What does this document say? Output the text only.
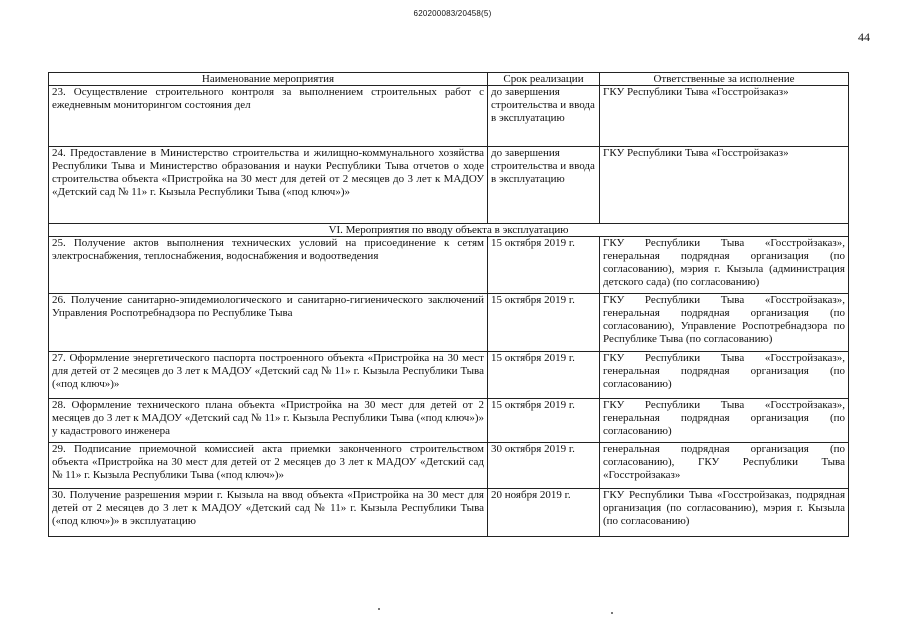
620200083/20458(5)
44
Наименование мероприятия	Срок реализации	Ответственные за исполнение
23. Осуществление строительного контроля за выполнением строительных работ с ежедневным мониторингом состояния дел	до завершения строительства и ввода в эксплуатацию	ГКУ Республики Тыва «Госстройзаказ»
24. Предоставление в Министерство строительства и жилищно-коммунального хозяйства Республики Тыва и Министерство образования и науки Республики Тыва отчетов о ходе строительства объекта «Пристройка на 30 мест для детей от 2 месяцев до 3 лет к МАДОУ «Детский сад № 11» г. Кызыла Республики Тыва («под ключ»)»	до завершения строительства и ввода в эксплуатацию	ГКУ Республики Тыва «Госстройзаказ»
VI. Мероприятия по вводу объекта в эксплуатацию		
25. Получение актов выполнения технических условий на присоединение к сетям электроснабжения, теплоснабжения, водоснабжения и водоотведения	15 октября 2019 г.	ГКУ Республики Тыва «Госстройзаказ», генеральная подрядная организация (по согласованию), мэрия г. Кызыла (администрация детского сада) (по согласованию)
26. Получение санитарно-эпидемиологического и санитарно-гигиенического заключений Управления Роспотребнадзора по Республике Тыва	15 октября 2019 г.	ГКУ Республики Тыва «Госстройзаказ», генеральная подрядная организация (по согласованию), Управление Роспотребнадзора по Республике Тыва (по согласованию)
27. Оформление энергетического паспорта построенного объекта «Пристройка на 30 мест для детей от 2 месяцев до 3 лет к МАДОУ «Детский сад № 11» г. Кызыла Республики Тыва («под ключ»)»	15 октября 2019 г.	ГКУ Республики Тыва «Госстройзаказ», генеральная подрядная организация (по согласованию)
28. Оформление технического плана объекта «Пристройка на 30 мест для детей от 2 месяцев до 3 лет к МАДОУ «Детский сад № 11» г. Кызыла Республики Тыва («под ключ»)» у кадастрового инженера	15 октября 2019 г.	ГКУ Республики Тыва «Госстройзаказ», генеральная подрядная организация (по согласованию)
29. Подписание приемочной комиссией акта приемки законченного строительством объекта «Пристройка на 30 мест для детей от 2 месяцев до 3 лет к МАДОУ «Детский сад № 11» г. Кызыла Республики Тыва («под ключ»)»	30 октября 2019 г.	генеральная подрядная организация (по согласованию), ГКУ Республики Тыва «Госстройзаказ»
30. Получение разрешения мэрии г. Кызыла на ввод объекта «Пристройка на 30 мест для детей от 2 месяцев до 3 лет к МАДОУ «Детский сад № 11» г. Кызыла Республики Тыва («под ключ»)» в эксплуатацию	20 ноября 2019 г.	ГКУ Республики Тыва «Госстройзаказ, подрядная организация (по согласованию), мэрия г. Кызыла (по согласованию)
